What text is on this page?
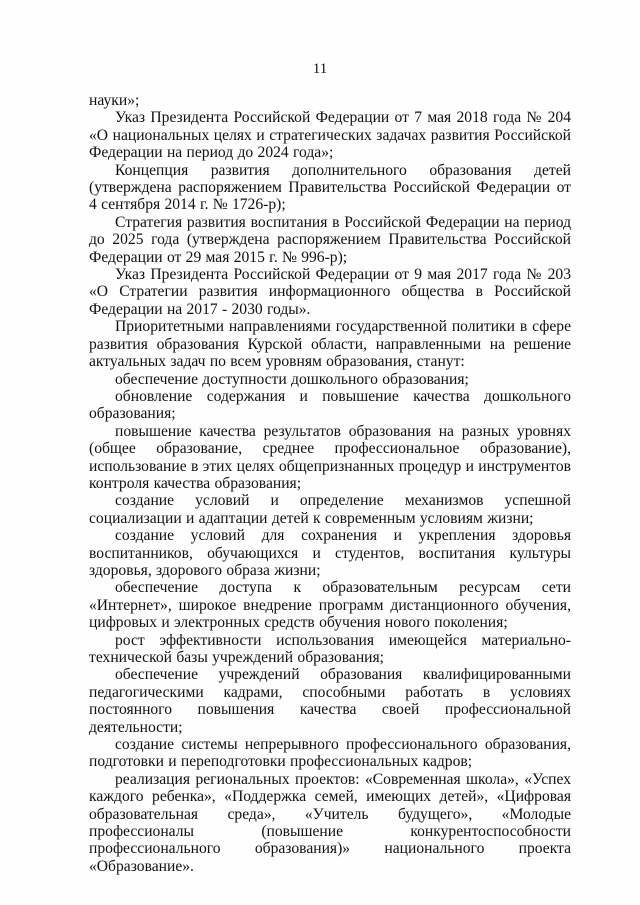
11

науки»;

Указ Президента Российской Федерации от 7 мая 2018 года № 204 «О национальных целях и стратегических задачах развития Российской Федерации на период до 2024 года»;

Концепция развития дополнительного образования детей (утверждена распоряжением Правительства Российской Федерации от 4 сентября 2014 г. № 1726-р);

Стратегия развития воспитания в Российской Федерации на период до 2025 года (утверждена распоряжением Правительства Российской Федерации от 29 мая 2015 г. № 996-р);

Указ Президента Российской Федерации от 9 мая 2017 года № 203 «О Стратегии развития информационного общества в Российской Федерации на 2017 - 2030 годы».

Приоритетными направлениями государственной политики в сфере развития образования Курской области, направленными на решение актуальных задач по всем уровням образования, станут:

обеспечение доступности дошкольного образования;

обновление содержания и повышение качества дошкольного образования;

повышение качества результатов образования на разных уровнях (общее образование, среднее профессиональное образование), использование в этих целях общепризнанных процедур и инструментов контроля качества образования;

создание условий и определение механизмов успешной социализации и адаптации детей к современным условиям жизни;

создание условий для сохранения и укрепления здоровья воспитанников, обучающихся и студентов, воспитания культуры здоровья, здорового образа жизни;

обеспечение доступа к образовательным ресурсам сети «Интернет», широкое внедрение программ дистанционного обучения, цифровых и электронных средств обучения нового поколения;

рост эффективности использования имеющейся материально-технической базы учреждений образования;

обеспечение учреждений образования квалифицированными педагогическими кадрами, способными работать в условиях постоянного повышения качества своей профессиональной деятельности;

создание системы непрерывного профессионального образования, подготовки и переподготовки профессиональных кадров;

реализация региональных проектов: «Современная школа», «Успех каждого ребенка», «Поддержка семей, имеющих детей», «Цифровая образовательная среда», «Учитель будущего», «Молодые профессионалы (повышение конкурентоспособности профессионального образования)» национального проекта «Образование».
